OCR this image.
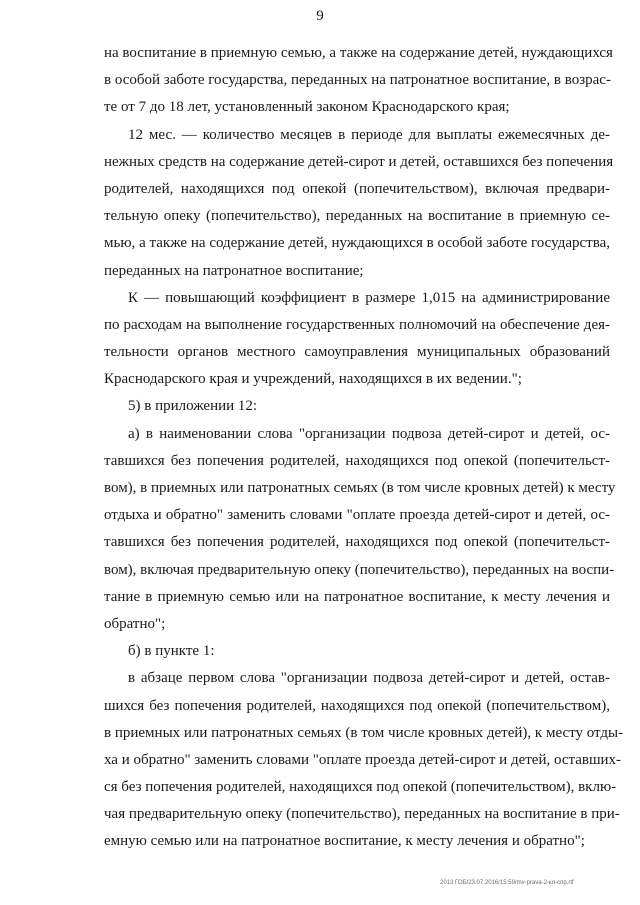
9
на воспитание в приемную семью, а также на содержание детей, нуждающихся
в особой заботе государства, переданных на патронатное воспитание, в возрас-
те от 7 до 18 лет, установленный законом Краснодарского края;
12 мес. — количество месяцев в периоде для выплаты ежемесячных де-
нежных средств на содержание детей-сирот и детей, оставшихся без попечения
родителей, находящихся под опекой (попечительством), включая предвари-
тельную опеку (попечительство), переданных на воспитание в приемную се-
мью, а также на содержание детей, нуждающихся в особой заботе государства,
переданных на патронатное воспитание;
К — повышающий коэффициент в размере 1,015 на администрирование
по расходам на выполнение государственных полномочий на обеспечение дея-
тельности органов местного самоуправления муниципальных образований
Краснодарского края и учреждений, находящихся в их ведении.";
5) в приложении 12:
а) в наименовании слова "организации подвоза детей-сирот и детей, ос-
тавшихся без попечения родителей, находящихся под опекой (попечительст-
вом), в приемных или патронатных семьях (в том числе кровных детей) к месту
отдыха и обратно" заменить словами "оплате проезда детей-сирот и детей, ос-
тавшихся без попечения родителей, находящихся под опекой (попечительст-
вом), включая предварительную опеку (попечительство), переданных на воспи-
тание в приемную семью или на патронатное воспитание, к месту лечения и
обратно";
б) в пункте 1:
в абзаце первом слова "организации подвоза детей-сирот и детей, остав-
шихся без попечения родителей, находящихся под опекой (попечительством),
в приемных или патронатных семьях (в том числе кровных детей), к месту отды-
ха и обратно" заменить словами "оплате проезда детей-сирот и детей, оставших-
ся без попечения родителей, находящихся под опекой (попечительством), вклю-
чая предварительную опеку (попечительство), переданных на воспитание в при-
емную семью или на патронатное воспитание, к месту лечения и обратно";
2013 ГОБ/23.07.2016/15:59/mv-prava-2-кл-спр.rtf
